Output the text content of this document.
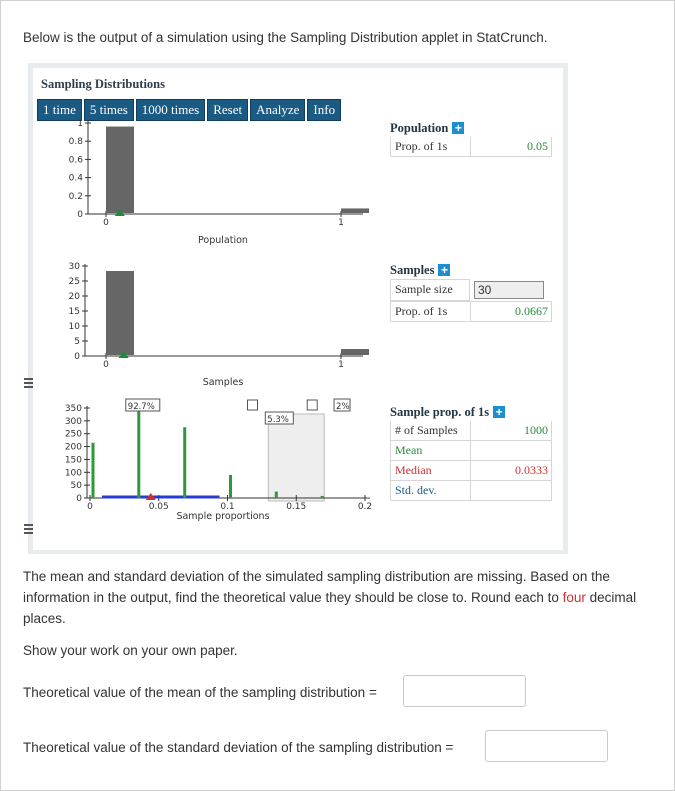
Below is the output of a simulation using the Sampling Distribution applet in StatCrunch.
Sampling Distributions
1 time	5 times	1000 times	Reset	Analyze	Info
0
0.2
0.4
0.6
0.8
1
0	1
Population
0
5
10
15
20
25
30
0	1
Samples
0
50
100
150
200
250
300
350
0	0.05	0.1	0.15	0.2
92.7%
5.3%
2%
Sample proportions
Population +
Prop. of 1s	0.05
Samples +
Sample size	30
Prop. of 1s	0.0667
Sample prop. of 1s +
# of Samples	1000
Mean
Median	0.0333
Std. dev.
The mean and standard deviation of the simulated sampling distribution are missing. Based on the information in the output, find the theoretical value they should be close to. Round each to four decimal places.
Show your work on your own paper.
Theoretical value of the mean of the sampling distribution =
Theoretical value of the standard deviation of the sampling distribution =
